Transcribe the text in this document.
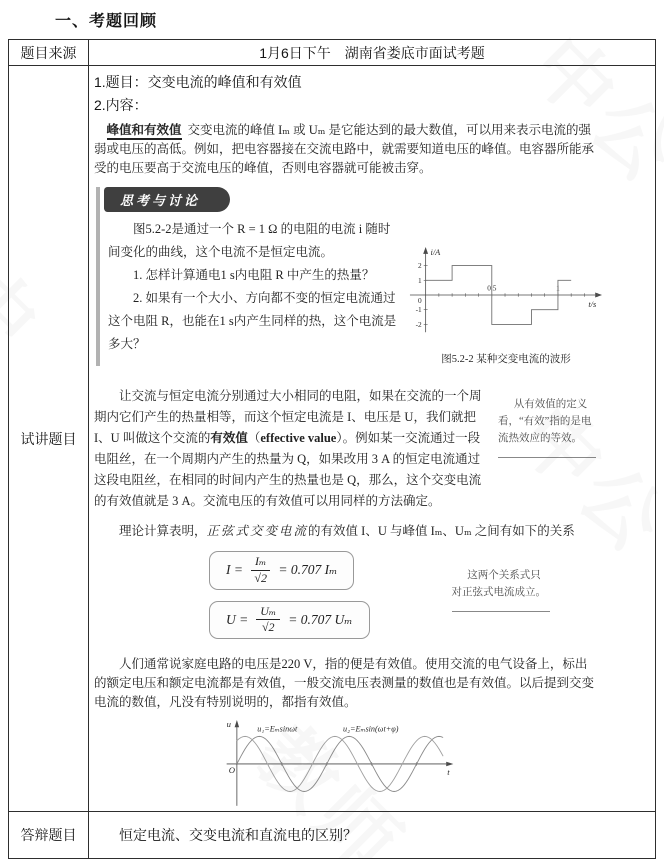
一、考题回顾
题目来源	1月6日下午　湖南省娄底市面试考题
试讲题目
1.题目：交变电流的峰值和有效值
2.内容：

峰值和有效值 交变电流的峰值 Iₘ 或 Uₘ 是它能达到的最大数值，可以用来表示电流的强弱或电压的高低。例如，把电容器接在交流电路中，就需要知道电压的峰值。电容器所能承受的电压要高于交流电压的峰值，否则电容器就可能被击穿。

思考与讨论

图5.2-2是通过一个 R = 1 Ω 的电阻的电流 i 随时间变化的曲线，这个电流不是恒定电流。

1. 怎样计算通电1 s内电阻 R 中产生的热量？

2. 如果有一个大小、方向都不变的恒定电流通过这个电阻 R，也能在1 s内产生同样的热，这个电流是多大？

i/A
t/s
2
1
0
-1
-2
0.5	1
图5.2-2 某种交变电流的波形

让交流与恒定电流分别通过大小相同的电阻，如果在交流的一个周期内它们产生的热量相等，而这个恒定电流是 I、电压是 U，我们就把 I、U 叫做这个交流的有效值（effective value）。例如某一交流通过一段电阻丝，在一个周期内产生的热量为 Q，如果改用 3 A 的恒定电流通过这段电阻丝，在相同的时间内产生的热量也是 Q，那么，这个交变电流的有效值就是 3 A。交流电压的有效值可以用同样的方法确定。

从有效值的定义看，“有效”指的是电流热效应的等效。

理论计算表明，正弦式交变电流的有效值 I、U 与峰值 Iₘ、Uₘ 之间有如下的关系

$I = \frac{\text{Iₘ}}{√2} = 0.707$ Iₘ
$U = \frac{\text{Uₘ}}{√2} = 0.707$ Uₘ
这两个关系式只对正弦式电流成立。

人们通常说家庭电路的电压是220 V，指的便是有效值。使用交流的电气设备上，标出的额定电压和额定电流都是有效值，一般交流电压表测量的数值也是有效值。以后提到交变电流的数值，凡没有特别说明的，都指有效值。

u
O	t
u₁=Eₘsinωt	u₂=Eₘsin(ωt+φ)
答辩题目	恒定电流、交变电流和直流电的区别？
